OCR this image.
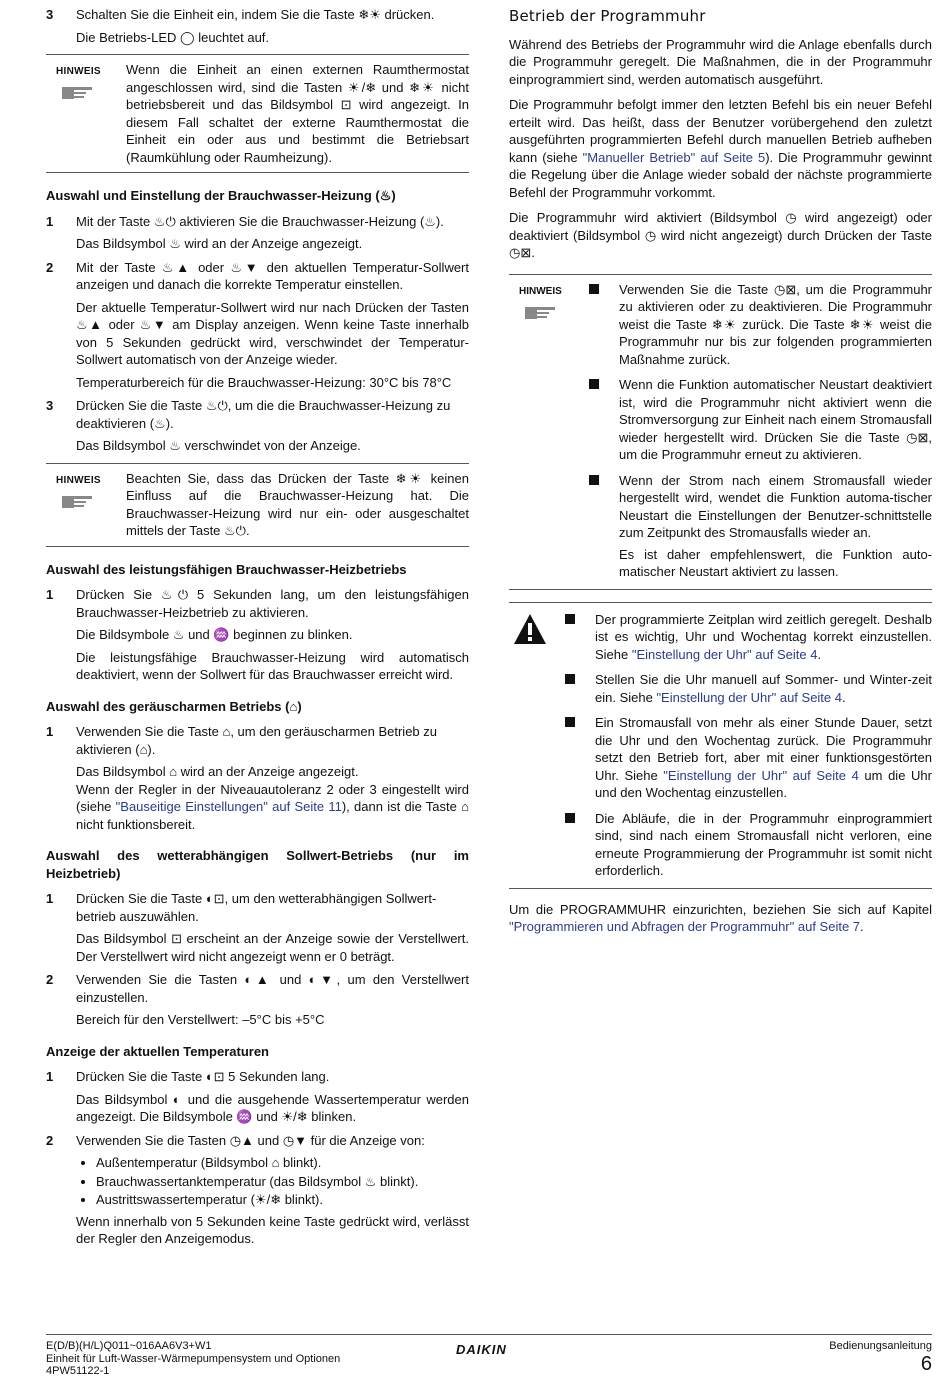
3 Schalten Sie die Einheit ein, indem Sie die Taste ❄☀ drücken.

Die Betriebs-LED ◯ leuchtet auf.

HINWEIS Wenn die Einheit an einen externen Raumthermostat angeschlossen wird, sind die Tasten ☀/❄ und ❄☀ nicht betriebsbereit und das Bildsymbol ⊡ wird angezeigt. In diesem Fall schaltet der externe Raumthermostat die Einheit ein oder aus und bestimmt die Betriebsart (Raumkühlung oder Raumheizung).

Auswahl und Einstellung der Brauchwasser-Heizung (♨)
1 Mit der Taste ♨⏻ aktivieren Sie die Brauchwasser-Heizung (♨).

Das Bildsymbol ♨ wird an der Anzeige angezeigt.

2 Mit der Taste ♨▲ oder ♨▼ den aktuellen Temperatur-Sollwert anzeigen und danach die korrekte Temperatur einstellen.

Der aktuelle Temperatur-Sollwert wird nur nach Drücken der Tasten ♨▲ oder ♨▼ am Display anzeigen. Wenn keine Taste innerhalb von 5 Sekunden gedrückt wird, verschwindet der Temperatur-Sollwert automatisch von der Anzeige wieder.

Temperaturbereich für die Brauchwasser-Heizung: 30°C bis 78°C

3 Drücken Sie die Taste ♨⏻, um die die Brauchwasser-Heizung zu deaktivieren (♨).

Das Bildsymbol ♨ verschwindet von der Anzeige.

HINWEIS Beachten Sie, dass das Drücken der Taste ❄☀ keinen Einfluss auf die Brauchwasser-Heizung hat. Die Brauchwasser-Heizung wird nur ein- oder ausgeschaltet mittels der Taste ♨⏻.

Auswahl des leistungsfähigen Brauchwasser-Heizbetriebs
1 Drücken Sie ♨⏻ 5 Sekunden lang, um den leistungsfähigen Brauchwasser-Heizbetrieb zu aktivieren.

Die Bildsymbole ♨ und ♒ beginnen zu blinken.

Die leistungsfähige Brauchwasser-Heizung wird automatisch deaktiviert, wenn der Sollwert für das Brauchwasser erreicht wird.

Auswahl des geräuscharmen Betriebs (⌂)
1 Verwenden Sie die Taste ⌂, um den geräuscharmen Betrieb zu aktivieren (⌂).

Das Bildsymbol ⌂ wird an der Anzeige angezeigt.

Wenn der Regler in der Niveauautoleranz 2 oder 3 eingestellt wird (siehe "Bauseitige Einstellungen" auf Seite 11), dann ist die Taste ⌂ nicht funktionsbereit.

Auswahl des wetterabhängigen Sollwert-Betriebs (nur im Heizbetrieb)
1 Drücken Sie die Taste ◐⊡, um den wetterabhängigen Sollwert-betrieb auszuwählen.

Das Bildsymbol ⊡ erscheint an der Anzeige sowie der Verstellwert. Der Verstellwert wird nicht angezeigt wenn er 0 beträgt.

2 Verwenden Sie die Tasten ◐▲ und ◐▼, um den Verstellwert einzustellen.

Bereich für den Verstellwert: –5°C bis +5°C

Anzeige der aktuellen Temperaturen
1 Drücken Sie die Taste ◐⊡ 5 Sekunden lang.

Das Bildsymbol ◐ und die ausgehende Wassertemperatur werden angezeigt. Die Bildsymbole ♒ und ☀/❄ blinken.

2 Verwenden Sie die Tasten ◷▲ und ◷▼ für die Anzeige von:

• Außentemperatur (Bildsymbol ⌂ blinkt).
• Brauchwassertanktemperatur (das Bildsymbol ♨ blinkt).
• Austrittswassertemperatur (☀/❄ blinkt).

Wenn innerhalb von 5 Sekunden keine Taste gedrückt wird, verlässt der Regler den Anzeigemodus.

Betrieb der Programmuhr

Während des Betriebs der Programmuhr wird die Anlage ebenfalls durch die Programmuhr geregelt. Die Maßnahmen, die in der Programmuhr einprogrammiert sind, werden automatisch ausgeführt.

Die Programmuhr befolgt immer den letzten Befehl bis ein neuer Befehl erteilt wird. Das heißt, dass der Benutzer vorübergehend den zuletzt ausgeführten programmierten Befehl durch manuellen Betrieb aufheben kann (siehe "Manueller Betrieb" auf Seite 5). Die Programmuhr gewinnt die Regelung über die Anlage wieder sobald der nächste programmierte Befehl der Programmuhr vorkommt.

Die Programmuhr wird aktiviert (Bildsymbol ◷ wird angezeigt) oder deaktiviert (Bildsymbol ◷ wird nicht angezeigt) durch Drücken der Taste ◷⊠.

HINWEIS	Verwenden Sie die Taste ◷⊠, um die Programmuhr zu aktivieren oder zu deaktivieren. Die Programmuhr weist die Taste ❄☀ zurück. Die Taste ❄☀ weist die Programmuhr nur bis zur folgenden programmierten Maßnahme zurück.

Wenn die Funktion automatischer Neustart deaktiviert ist, wird die Programmuhr nicht aktiviert wenn die Stromversorgung zur Einheit nach einem Stromausfall wieder hergestellt wird. Drücken Sie die Taste ◷⊠, um die Programmuhr erneut zu aktivieren.

Wenn der Strom nach einem Stromausfall wieder hergestellt wird, wendet die Funktion automa-tischer Neustart die Einstellungen der Benutzer-schnittstelle zum Zeitpunkt des Stromausfalls wieder an.

Es ist daher empfehlenswert, die Funktion auto-matischer Neustart aktiviert zu lassen.

Der programmierte Zeitplan wird zeitlich geregelt. Deshalb ist es wichtig, Uhr und Wochentag korrekt einzustellen. Siehe "Einstellung der Uhr" auf Seite 4.

Stellen Sie die Uhr manuell auf Sommer- und Winter-zeit ein. Siehe "Einstellung der Uhr" auf Seite 4.

Ein Stromausfall von mehr als einer Stunde Dauer, setzt die Uhr und den Wochentag zurück. Die Programmuhr setzt den Betrieb fort, aber mit einer funktionsgestörten Uhr. Siehe "Einstellung der Uhr" auf Seite 4 um die Uhr und den Wochentag einzustellen.

Die Abläufe, die in der Programmuhr einprogrammiert sind, sind nach einem Stromausfall nicht verloren, eine erneute Programmierung der Programmuhr ist somit nicht erforderlich.

Um die PROGRAMMUHR einzurichten, beziehen Sie sich auf Kapitel "Programmieren und Abfragen der Programmuhr" auf Seite 7.

E(D/B)(H/L)Q011~016AA6V3+W1
Einheit für Luft-Wasser-Wärmepumpensystem und Optionen
4PW51122-1
DAIKIN	Bedienungsanleitung
6
